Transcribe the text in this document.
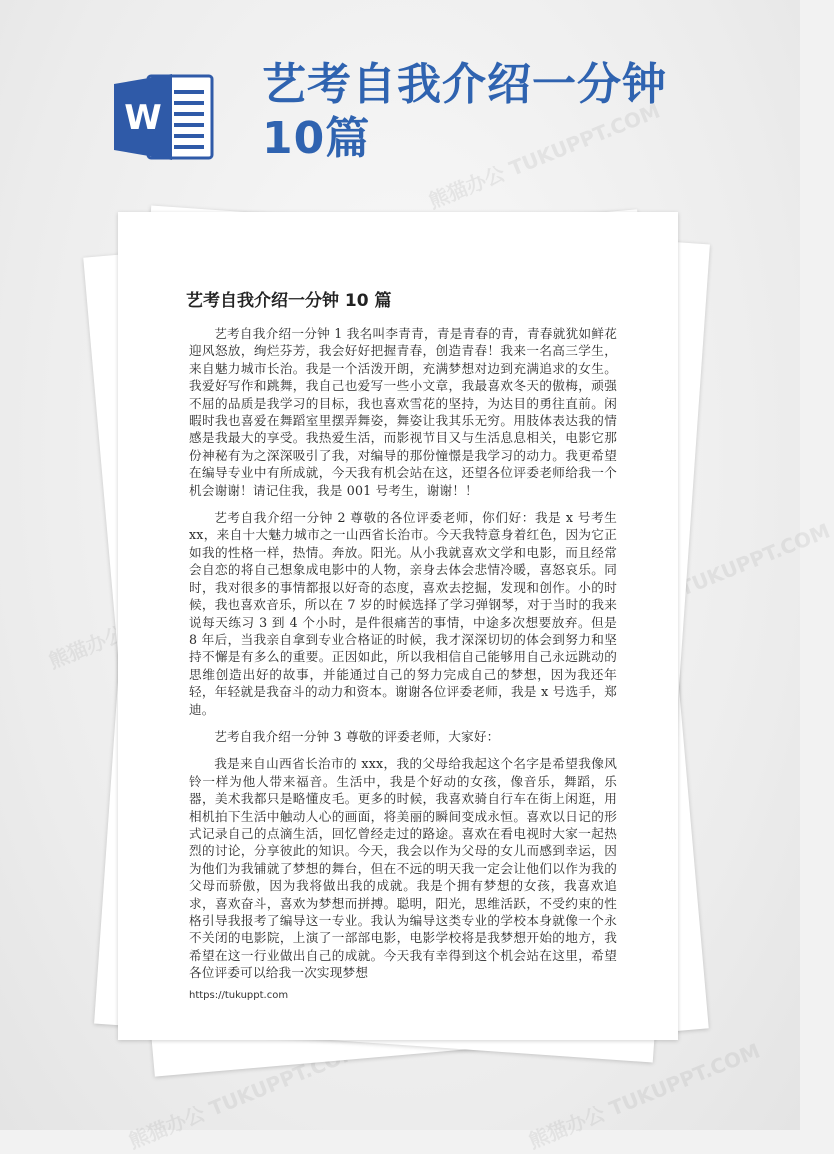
W
艺考自我介绍一分钟10篇
艺考自我介绍一分钟 10 篇

艺考自我介绍一分钟 1 我名叫李青青，青是青春的青，青春就犹如鲜花迎风怒放，绚烂芬芳，我会好好把握青春，创造青春！我来一名高三学生，来自魅力城市长治。我是一个活泼开朗，充满梦想对边到充满追求的女生。我爱好写作和跳舞，我自己也爱写一些小文章，我最喜欢冬天的傲梅，顽强不屈的品质是我学习的目标，我也喜欢雪花的坚持，为达目的勇往直前。闲暇时我也喜爱在舞蹈室里摆弄舞姿，舞姿让我其乐无穷。用肢体表达我的情感是我最大的享受。我热爱生活，而影视节目又与生活息息相关，电影它那份神秘有为之深深吸引了我，对编导的那份憧憬是我学习的动力。我更希望在编导专业中有所成就，今天我有机会站在这，还望各位评委老师给我一个机会谢谢！请记住我，我是 001 号考生，谢谢！！

艺考自我介绍一分钟 2 尊敬的各位评委老师，你们好：我是 x 号考生 xx，来自十大魅力城市之一山西省长治市。今天我特意身着红色，因为它正如我的性格一样，热情。奔放。阳光。从小我就喜欢文学和电影，而且经常会自恋的将自己想象成电影中的人物，亲身去体会悲情冷暖，喜怒哀乐。同时，我对很多的事情都报以好奇的态度，喜欢去挖掘，发现和创作。小的时候，我也喜欢音乐，所以在 7 岁的时候选择了学习弹钢琴，对于当时的我来说每天练习 3 到 4 个小时，是件很痛苦的事情，中途多次想要放弃。但是 8 年后，当我亲自拿到专业合格证的时候，我才深深切切的体会到努力和坚持不懈是有多么的重要。正因如此，所以我相信自己能够用自己永远跳动的思维创造出好的故事，并能通过自己的努力完成自己的梦想，因为我还年轻，年轻就是我奋斗的动力和资本。谢谢各位评委老师，我是 x 号选手，郑迪。

艺考自我介绍一分钟 3 尊敬的评委老师，大家好：

我是来自山西省长治市的 xxx，我的父母给我起这个名字是希望我像风铃一样为他人带来福音。生活中，我是个好动的女孩，像音乐，舞蹈，乐器，美术我都只是略懂皮毛。更多的时候，我喜欢骑自行车在街上闲逛，用相机拍下生活中触动人心的画面，将美丽的瞬间变成永恒。喜欢以日记的形式记录自己的点滴生活，回忆曾经走过的路途。喜欢在看电视时大家一起热烈的讨论，分享彼此的知识。今天，我会以作为父母的女儿而感到幸运，因为他们为我铺就了梦想的舞台，但在不远的明天我一定会让他们以作为我的父母而骄傲，因为我将做出我的成就。我是个拥有梦想的女孩，我喜欢追求，喜欢奋斗，喜欢为梦想而拼搏。聪明，阳光，思维活跃，不受约束的性格引导我报考了编导这一专业。我认为编导这类专业的学校本身就像一个永不关闭的电影院，上演了一部部电影，电影学校将是我梦想开始的地方，我希望在这一行业做出自己的成就。今天我有幸得到这个机会站在这里，希望各位评委可以给我一次实现梦想

https://tukuppt.com
